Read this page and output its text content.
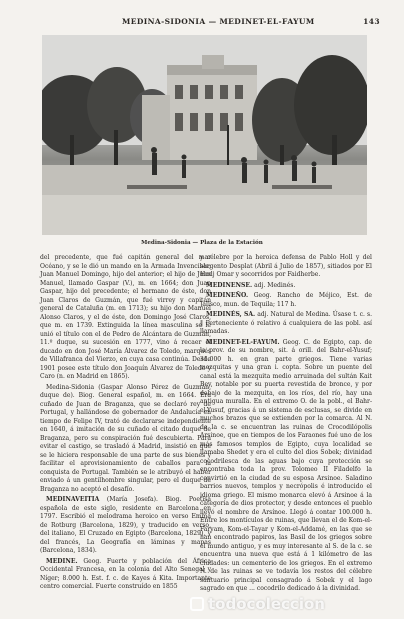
MEDINA-SIDONIA — MEDINET-EL-FAYUM	143
Medina-Sidonia — Plaza de la Estación

del precedente, que fué capitán general del mar Océano, y se le dió un mando en la Armada Invencible; Juan Manuel Domingo, hijo del anterior; el hijo de Juan Manuel, llamado Gaspar (V.), m. en 1664; don Juan Gaspar, hijo del precedente; el hermano de éste, don Juan Claros de Guzmán, que fué virrey y capitán general de Cataluña (m. en 1713); su hijo don Manuel Alonso Claros, y el de éste, don Domingo José Claros, que m. en 1739. Extinguida la línea masculina se le unió el título con el de Pedro de Alcántara de Guzmán, 11.º duque, su sucesión en 1777, vino á recaer el ducado en don José María Álvarez de Toledo, marqués de Villafranca del Vierzo, en cuya casa continúa. Desde 1901 posee este título don Joaquín Álvarez de Toledo y Caro (n. en Madrid en 1865).

Medina-Sidonia (Gaspar Alonso Pérez de Guzmán, duque de). Biog. General español, m. en 1664. Era cuñado de Juan de Braganza, que se declaró rey de Portugal, y hallándose de gobernador de Andalucía en tiempo de Felipe IV, trató de declararse independiente en 1640, á imitación de su cuñado el citado duque de Braganza, pero su conspiración fué descubierta. Para evitar el castigo, se trasladó á Madrid, insistió en que se le hiciera responsable de una parte de sus bienes y facilitar el aprovisionamiento de caballos para la conquista de Portugal. También se le atribuyó el haber enviado á un gentilhombre singular, pero el duque de Braganza no aceptó el desafío.

MEDINAVEITIA (María Josefa). Biog. Poetisa española de este siglo, residente en Barcelona en 1797. Escribió el melodrama heroico en verso Emma de Rotburg (Barcelona, 1829), y traducido en verso, del italiano, El Cruzado en Egipto (Barcelona, 1829), y del francés, La Geografía en láminas y mapas (Barcelona, 1834).

MEDINE. Geog. Fuerte y población del África Occidental Francesa, en la colonia del Alto Senegal y Níger; 8.000 h. Est. f. c. de Kayes á Kita. Importante centro comercial. Fuerte construído en 1855

y célebre por la heroica defensa de Pablo Holl y del sargento Desplat (Abril á Julio de 1857), sitiados por El Hadj Omar y socorridos por Faidherbe.

MEDINENSE. adj. Medinés.

MEDINEÑO. Geog. Rancho de Méjico, Est. de Jalisco, mun. de Tequila; 117 h.

MEDINÉS, SA. adj. Natural de Medina. Úsase t. c. s. ‖ Perteneciente ó relativo á cualquiera de las pobl. así llamadas.

MEDINET-EL-FAYUM. Geog. C. de Egipto, cap. de la prov. de su nombre, sit. á orill. del Bahr-el-Yusuf; 31.000 h. en gran parte griegos. Tiene varias mezquitas y una gran i. copta. Sobre un puente del canal está la mezquita medio arruinada del sultán Kait Bey, notable por su puerta revestida de bronce, y por debajo de la mezquita, en los ríos, del río, hay una antigua muralla. En el extremo O. de la pobl., el Bahr-el-Yusuf, gracias á un sistema de esclusas, se divide en muchos brazos que se extienden por la comarca. Al N. de la c. se encuentran las ruinas de Crocodilópolis Arsinoe, que en tiempos de los Faraones fué uno de los más famosos templos de Egipto, cuya localidad se llamaba Shedet y era el culto del dios Sobek; divinidad cocodrilesca de las aguas bajo cuya protección se encontraba toda la prov. Tolomeo II Filadelfo la convirtió en la ciudad de su esposa Arsinoe. Saladino barrios nuevos, templos y necrópolis é introducido el idioma griego. El mismo monarca elevó á Arsinoe á la categoría de dios protector, y desde entonces el pueblo llevó el nombre de Arsínoe. Llegó á contar 100.000 h. Entre los montículos de ruinas, que llevan el de Kom-el-Faryam, Kom-el-Tayar y Kom-el-Addamé, en las que se han encontrado papiros, las Basil de los griegos sobre el mundo antiguo, y es muy interesante al S. de la c. se encuentra una nueva que está á 1 kilómetro de las ciudades: un cementerio de los griegos. En el extremo N. de las ruinas se ve todavía los restos del célebre santuario principal consagrado á Sobek y el lago sagrado en que ... cocodrilo dedicado á la divinidad.

todocoleccion
